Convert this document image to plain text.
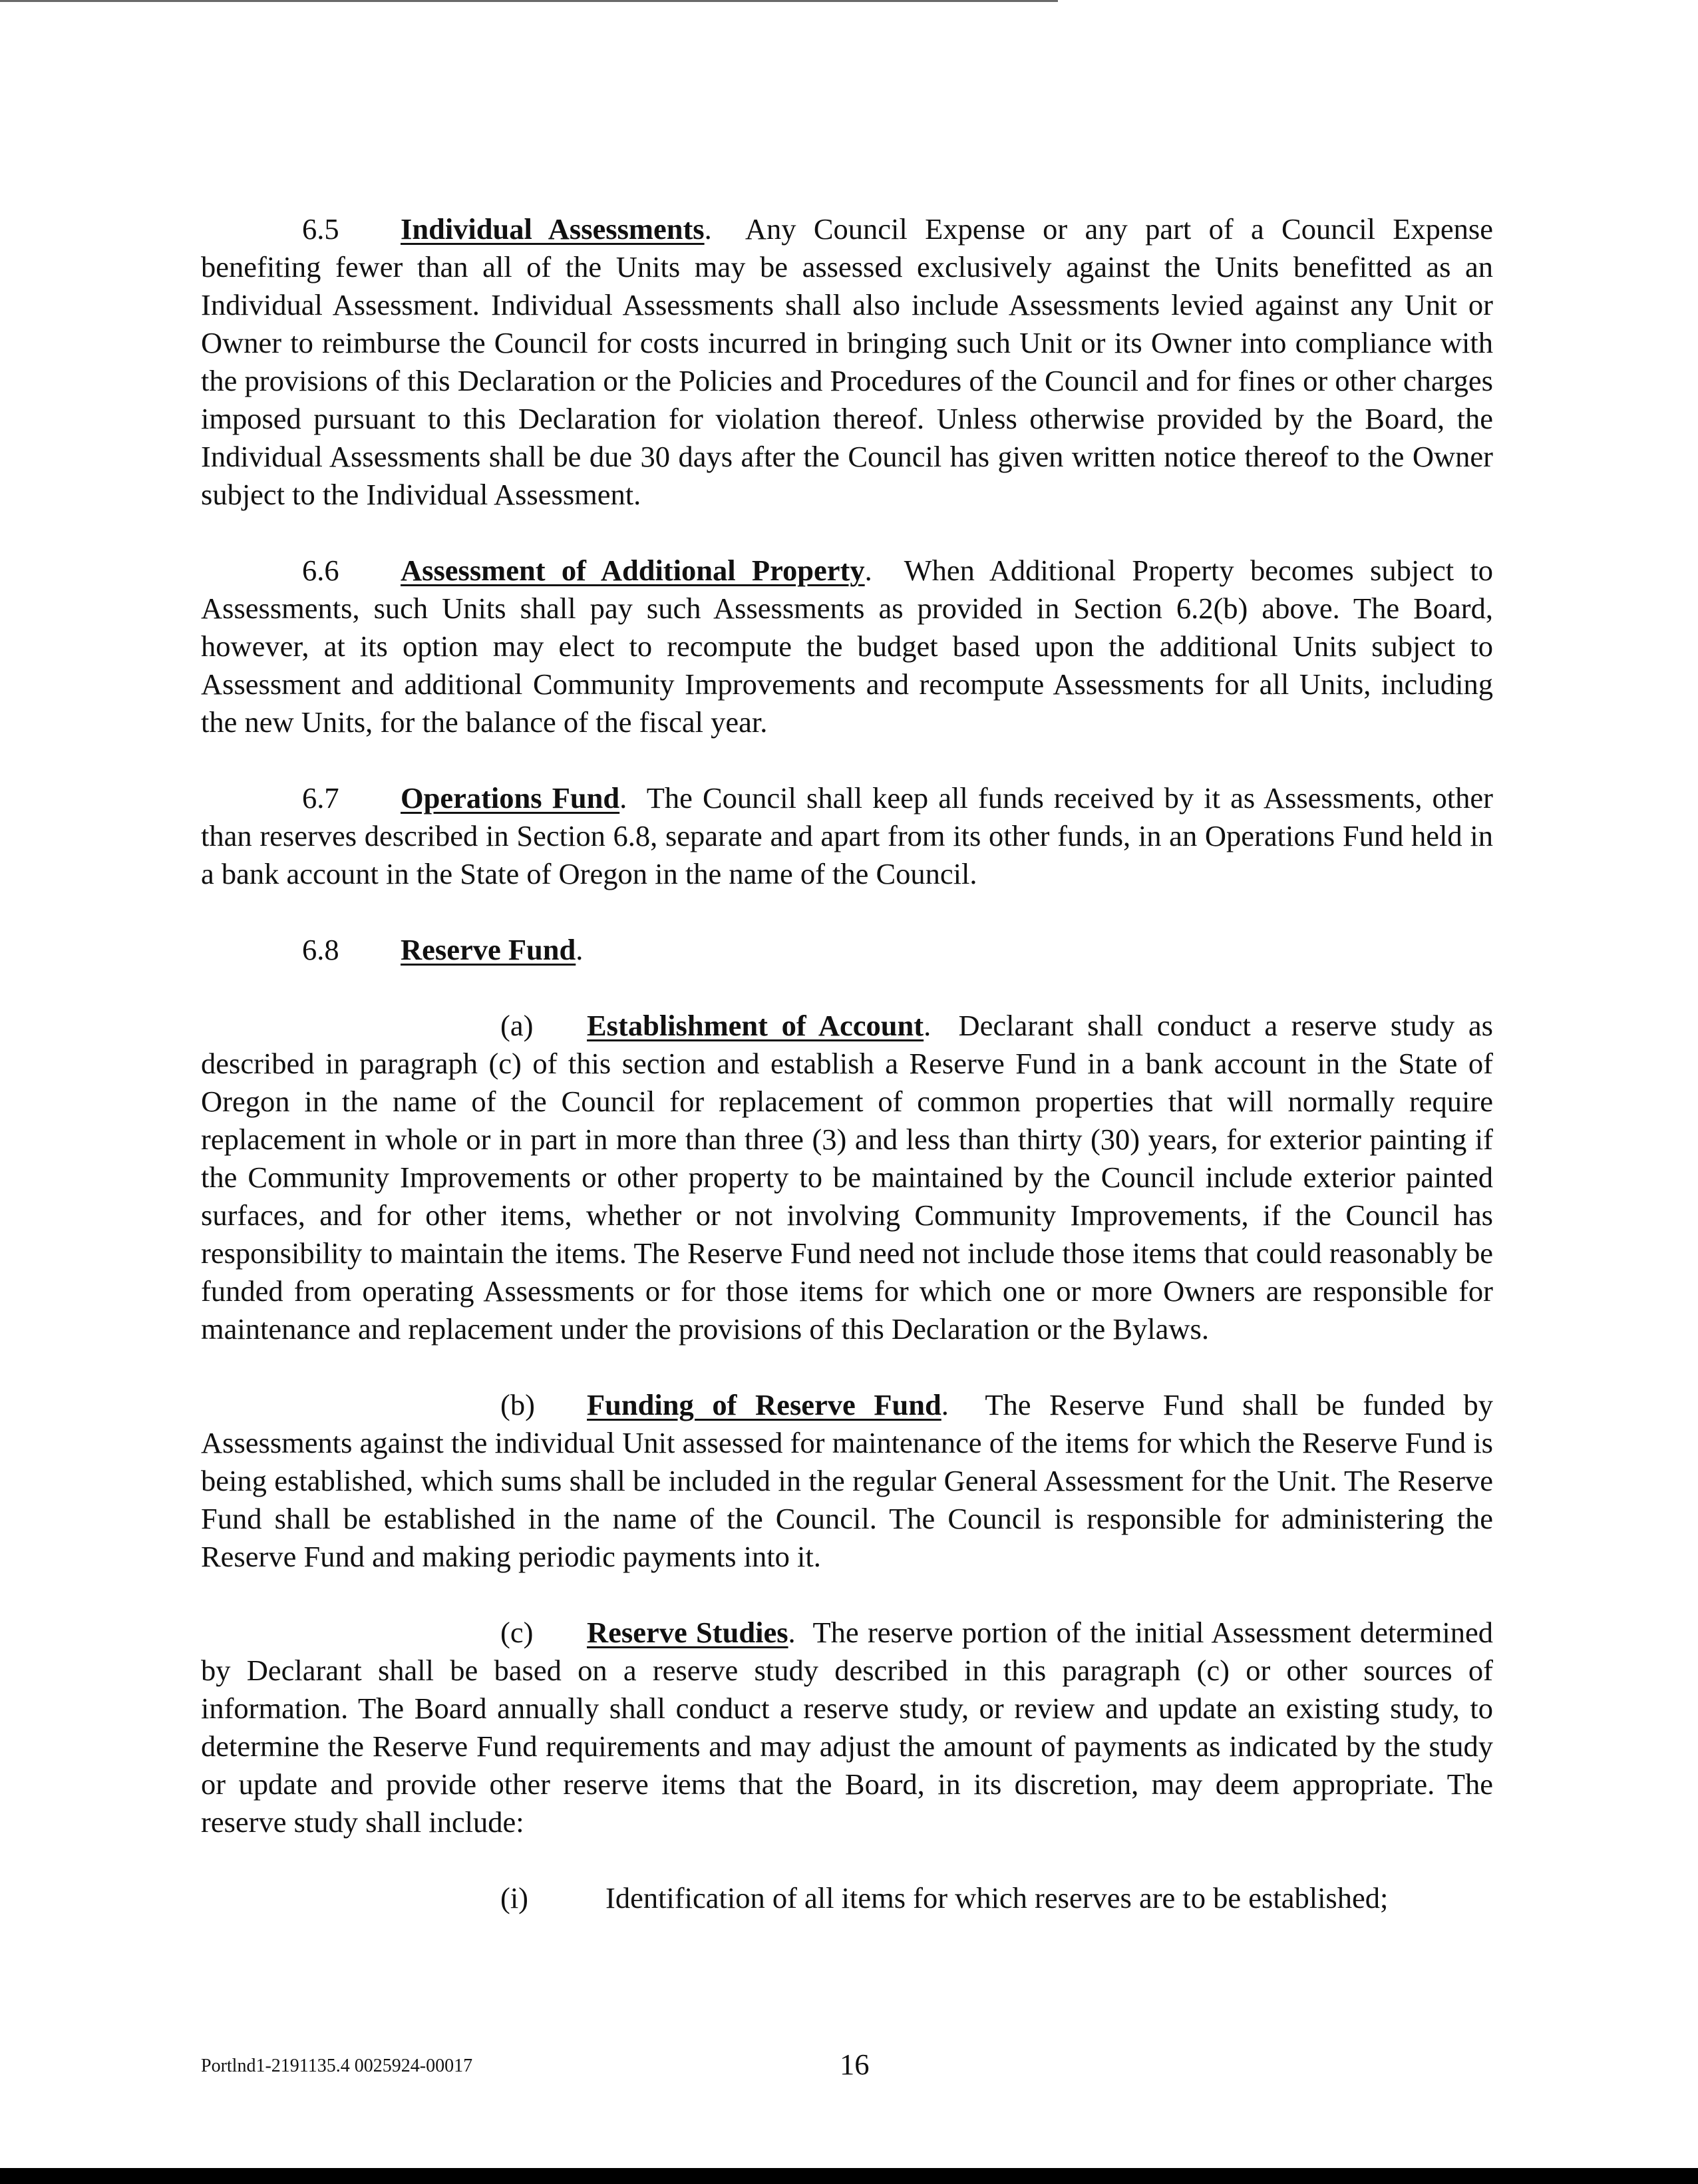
6.5 Individual Assessments.  Any Council Expense or any part of a Council Expense benefiting fewer than all of the Units may be assessed exclusively against the Units benefitted as an Individual Assessment. Individual Assessments shall also include Assessments levied against any Unit or Owner to reimburse the Council for costs incurred in bringing such Unit or its Owner into compliance with the provisions of this Declaration or the Policies and Procedures of the Council and for fines or other charges imposed pursuant to this Declaration for violation thereof. Unless otherwise provided by the Board, the Individual Assessments shall be due 30 days after the Council has given written notice thereof to the Owner subject to the Individual Assessment.

6.6 Assessment of Additional Property.  When Additional Property becomes subject to Assessments, such Units shall pay such Assessments as provided in Section 6.2(b) above. The Board, however, at its option may elect to recompute the budget based upon the additional Units subject to Assessment and additional Community Improvements and recompute Assessments for all Units, including the new Units, for the balance of the fiscal year.

6.7 Operations Fund.  The Council shall keep all funds received by it as Assessments, other than reserves described in Section 6.8, separate and apart from its other funds, in an Operations Fund held in a bank account in the State of Oregon in the name of the Council.

6.8 Reserve Fund.

(a) Establishment of Account.  Declarant shall conduct a reserve study as described in paragraph (c) of this section and establish a Reserve Fund in a bank account in the State of Oregon in the name of the Council for replacement of common properties that will normally require replacement in whole or in part in more than three (3) and less than thirty (30) years, for exterior painting if the Community Improvements or other property to be maintained by the Council include exterior painted surfaces, and for other items, whether or not involving Community Improvements, if the Council has responsibility to maintain the items. The Reserve Fund need not include those items that could reasonably be funded from operating Assessments or for those items for which one or more Owners are responsible for maintenance and replacement under the provisions of this Declaration or the Bylaws.

(b) Funding of Reserve Fund.  The Reserve Fund shall be funded by Assessments against the individual Unit assessed for maintenance of the items for which the Reserve Fund is being established, which sums shall be included in the regular General Assessment for the Unit. The Reserve Fund shall be established in the name of the Council. The Council is responsible for administering the Reserve Fund and making periodic payments into it.

(c) Reserve Studies.  The reserve portion of the initial Assessment determined by Declarant shall be based on a reserve study described in this paragraph (c) or other sources of information. The Board annually shall conduct a reserve study, or review and update an existing study, to determine the Reserve Fund requirements and may adjust the amount of payments as indicated by the study or update and provide other reserve items that the Board, in its discretion, may deem appropriate. The reserve study shall include:

(i)	Identification of all items for which reserves are to be established;

Portlnd1-2191135.4 0025924-00017	16
